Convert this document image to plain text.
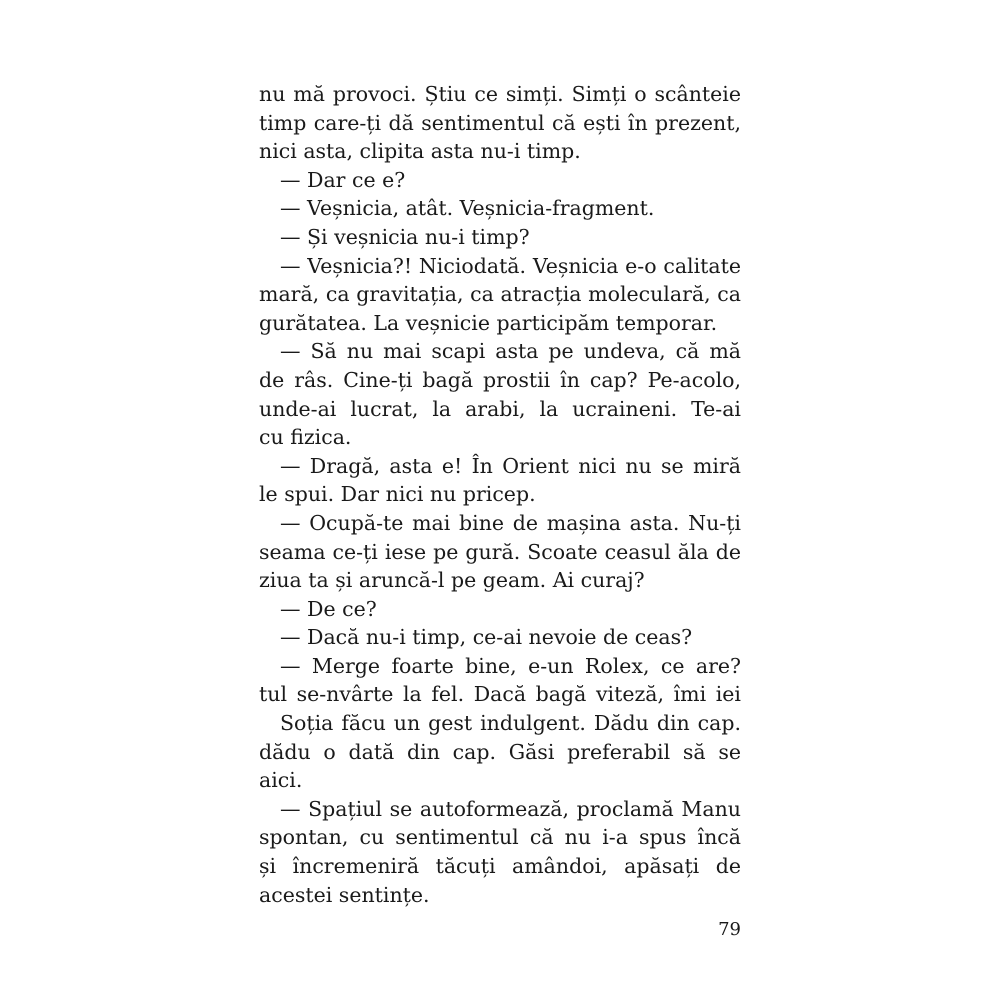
nu mă provoci. Știu ce simți. Simți o scânteie
timp care-ți dă sentimentul că ești în prezent,
nici asta, clipita asta nu-i timp.
— Dar ce e?
— Veșnicia, atât. Veșnicia-fragment.
— Și veșnicia nu-i timp?
— Veșnicia?! Niciodată. Veșnicia e-o calitate
mară, ca gravitația, ca atracția moleculară, ca
gurătatea. La veșnicie participăm temporar.
— Să nu mai scapi asta pe undeva, că mă
de râs. Cine-ți bagă prostii în cap? Pe-acolo,
unde-ai lucrat, la arabi, la ucraineni. Te-ai
cu fizica.
— Dragă, asta e! În Orient nici nu se miră
le spui. Dar nici nu pricep.
— Ocupă-te mai bine de mașina asta. Nu-ți
seama ce-ți iese pe gură. Scoate ceasul ăla de
ziua ta și aruncă-l pe geam. Ai curaj?
— De ce?
— Dacă nu-i timp, ce-ai nevoie de ceas?
— Merge foarte bine, e-un Rolex, ce are?
tul se-nvârte la fel. Dacă bagă viteză, îmi iei
Soția făcu un gest indulgent. Dădu din cap.
dădu o dată din cap. Găsi preferabil să se
aici.
— Spațiul se autoformează, proclamă Manu
spontan, cu sentimentul că nu i-a spus încă
și încremeniră tăcuți amândoi, apăsați de
acestei sentințe.
79
